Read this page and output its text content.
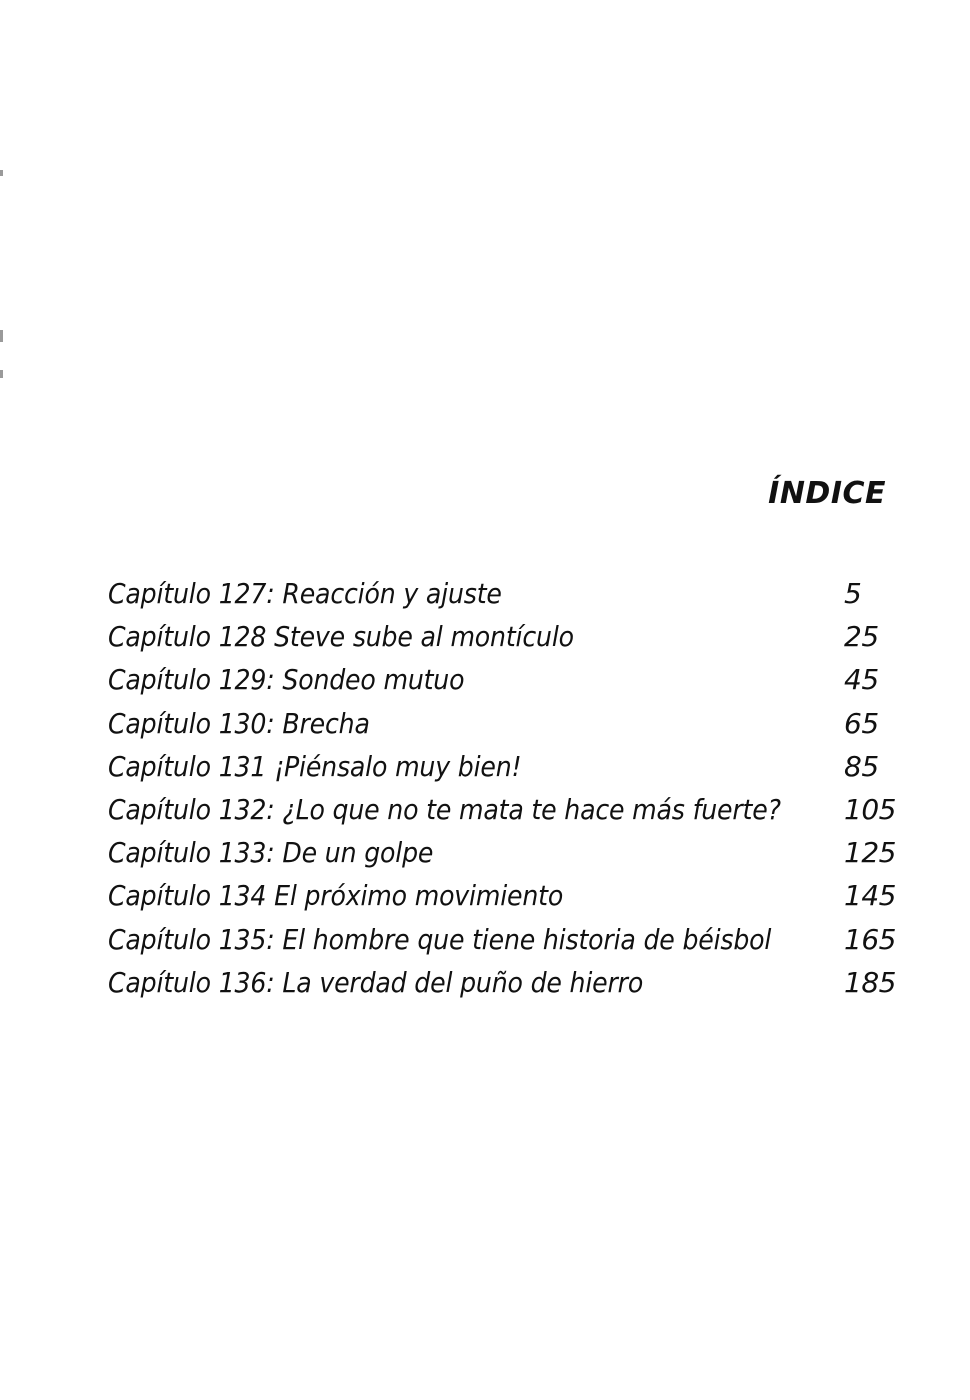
ÍNDICE
Capítulo 127: Reacción y ajuste	5
Capítulo 128 Steve sube al montículo	25
Capítulo 129: Sondeo mutuo	45
Capítulo 130: Brecha	65
Capítulo 131 ¡Piénsalo muy bien!	85
Capítulo 132: ¿Lo que no te mata te hace más fuerte? 105
Capítulo 133: De un golpe	125
Capítulo 134 El próximo movimiento	145
Capítulo 135: El hombre que tiene historia de béisbol	165
Capítulo 136: La verdad del puño de hierro	185
